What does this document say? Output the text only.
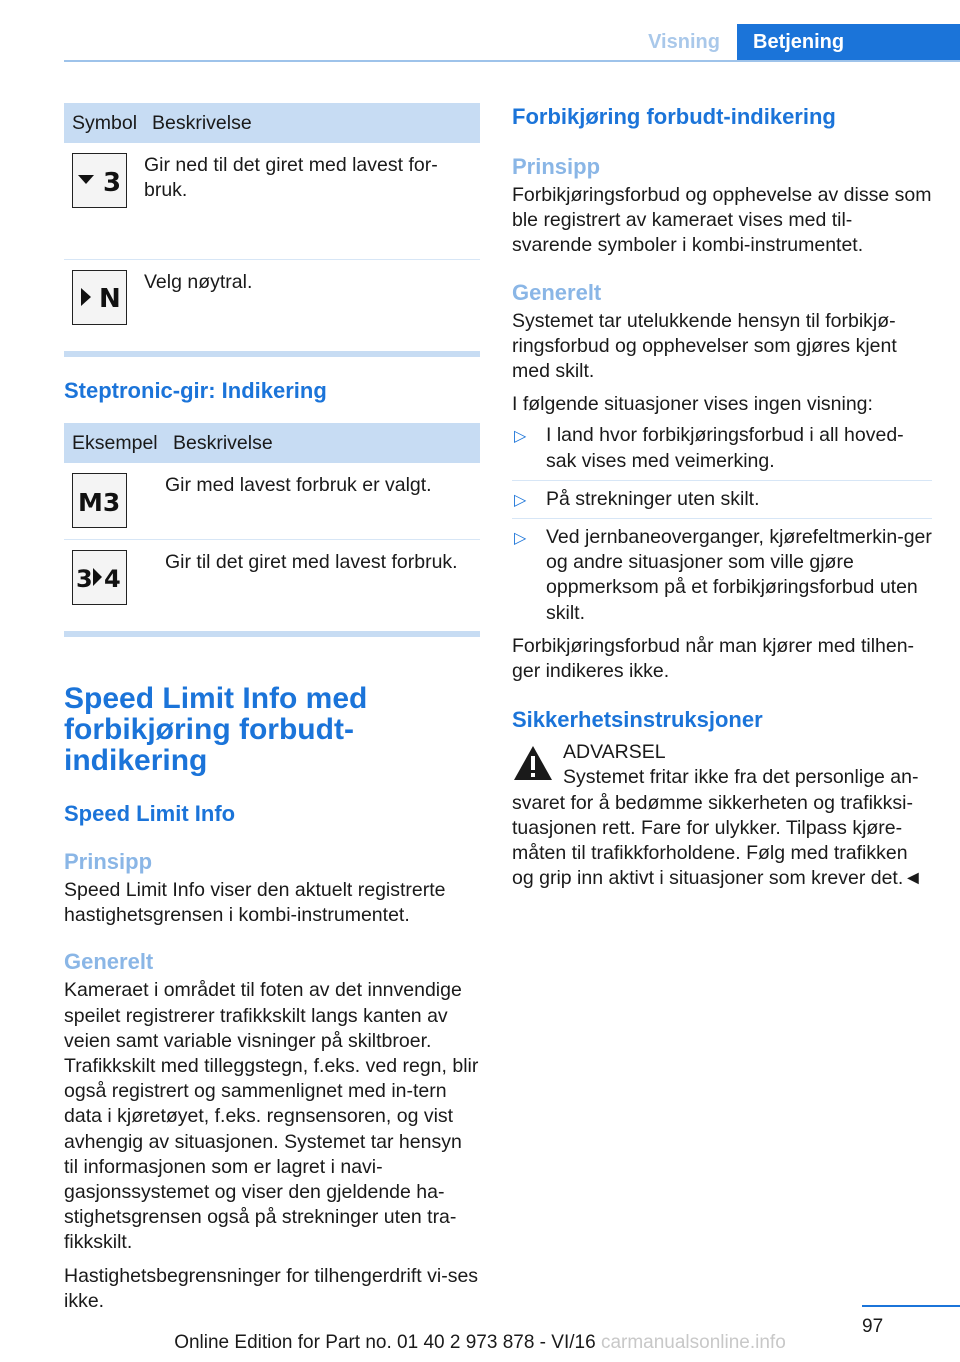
Visning	Betjening
Symbol	Beskrivelse

3	Gir ned til det giret med lavest for-bruk.

N	Velg nøytral.
Steptronic-gir: Indikering
Eksempel	Beskrivelse

M3	Gir med lavest forbruk er valgt.

3 4	Gir til det giret med lavest forbruk.
Speed Limit Info med forbikjøring forbudt-indikering
Speed Limit Info
Prinsipp

Speed Limit Info viser den aktuelt registrerte hastighetsgrensen i kombi-instrumentet.

Generelt

Kameraet i området til foten av det innvendige speilet registrerer trafikkskilt langs kanten av veien samt variable visninger på skiltbroer. Trafikkskilt med tilleggstegn, f.eks. ved regn, blir også registrert og sammenlignet med in-tern data i kjøretøyet, f.eks. regnsensoren, og vist avhengig av situasjonen. Systemet tar hensyn til informasjonen som er lagret i navi-gasjonssystemet og viser den gjeldende ha-stighetsgrensen også på strekninger uten tra-fikkskilt.

Hastighetsbegrensninger for tilhengerdrift vi-ses ikke.

Forbikjøring forbudt-indikering
Prinsipp

Forbikjøringsforbud og opphevelse av disse som ble registrert av kameraet vises med til-svarende symboler i kombi-instrumentet.

Generelt

Systemet tar utelukkende hensyn til forbikjø-ringsforbud og opphevelser som gjøres kjent med skilt.

I følgende situasjoner vises ingen visning:

▷ I land hvor forbikjøringsforbud i all hoved-sak vises med veimerking.
▷ På strekninger uten skilt.
▷ Ved jernbaneoverganger, kjørefeltmerkin-ger og andre situasjoner som ville gjøre oppmerksom på et forbikjøringsforbud uten skilt.

Forbikjøringsforbud når man kjører med tilhen-ger indikeres ikke.

Sikkerhetsinstruksjoner

ADVARSEL

Systemet fritar ikke fra det personlige an-svaret for å bedømme sikkerheten og trafikksi-tuasjonen rett. Fare for ulykker. Tilpass kjøre-måten til trafikkforholdene. Følg med trafikken og grip inn aktivt i situasjoner som krever det.◄

97
Online Edition for Part no. 01 40 2 973 878 - VI/16 carmanualsonline.info
